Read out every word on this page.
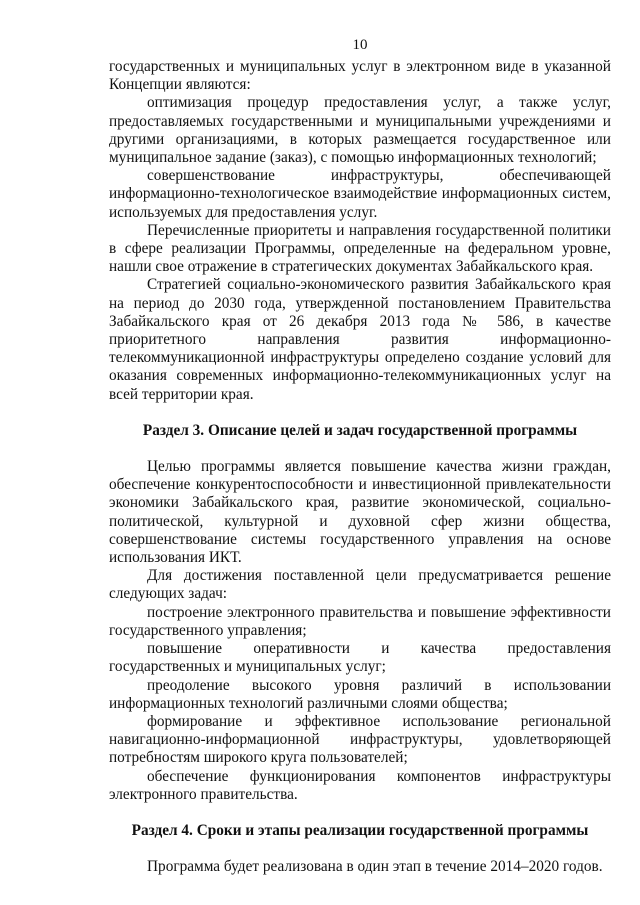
10

государственных и муниципальных услуг в электронном виде в указанной Концепции являются:

оптимизация процедур предоставления услуг, а также услуг, предоставляемых государственными и муниципальными учреждениями и другими организациями, в которых размещается государственное или муниципальное задание (заказ), с помощью информационных технологий;

совершенствование инфраструктуры, обеспечивающей информационно-технологическое взаимодействие информационных систем, используемых для предоставления услуг.

Перечисленные приоритеты и направления государственной политики в сфере реализации Программы, определенные на федеральном уровне, нашли свое отражение в стратегических документах Забайкальского края.

Стратегией социально-экономического развития Забайкальского края на период до 2030 года, утвержденной постановлением Правительства Забайкальского края от 26 декабря 2013 года № 586, в качестве приоритетного направления развития информационно-телекоммуникационной инфраструктуры определено создание условий для оказания современных информационно-телекоммуникационных услуг на всей территории края.

Раздел 3. Описание целей и задач государственной программы

Целью программы является повышение качества жизни граждан, обеспечение конкурентоспособности и инвестиционной привлекательности экономики Забайкальского края, развитие экономической, социально-политической, культурной и духовной сфер жизни общества, совершенствование системы государственного управления на основе использования ИКТ.

Для достижения поставленной цели предусматривается решение следующих задач:

построение электронного правительства и повышение эффективности государственного управления;

повышение оперативности и качества предоставления государственных и муниципальных услуг;

преодоление высокого уровня различий в использовании информационных технологий различными слоями общества;

формирование и эффективное использование региональной навигационно-информационной инфраструктуры, удовлетворяющей потребностям широкого круга пользователей;

обеспечение функционирования компонентов инфраструктуры электронного правительства.

Раздел 4. Сроки и этапы реализации государственной программы

Программа будет реализована в один этап в течение 2014–2020 годов.
